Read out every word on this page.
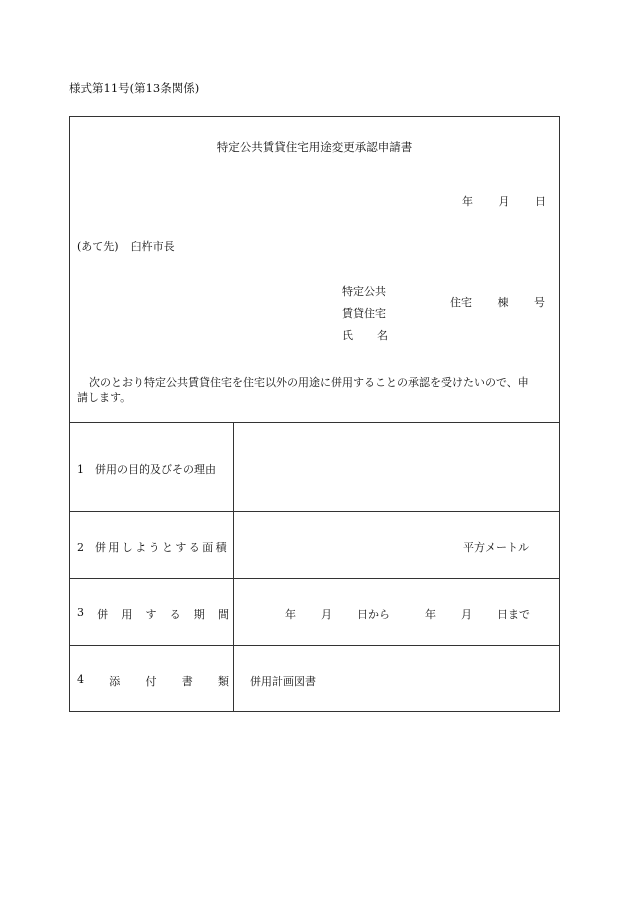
様式第11号(第13条関係)
特定公共賃貸住宅用途変更承認申請書
年 月 日
(あて先) 臼杵市長
特定公共
賃貸住宅
氏 名
住宅 棟 号
次のとおり特定公共賃貸住宅を住宅以外の用途に併用することの承認を受けたいので、申
請します。
1 併用の目的及びその理由
2 併用しようとする面積	平方メートル
3 併 用 す る 期 間	年 月 日から	年 月 日まで
4 添 付 書 類 併用計画図書
